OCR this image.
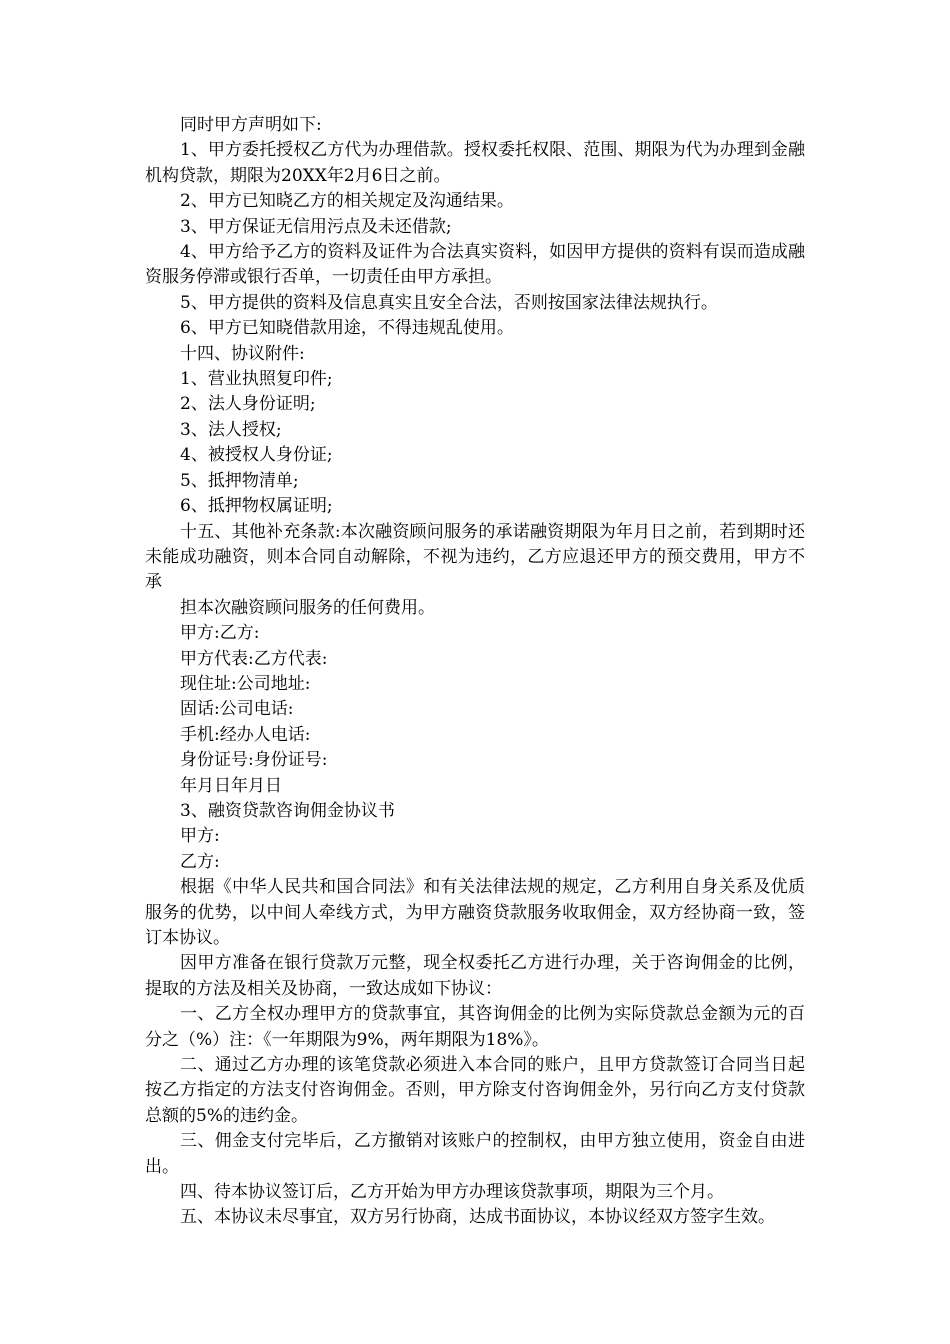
同时甲方声明如下:

1、甲方委托授权乙方代为办理借款。授权委托权限、范围、期限为代为办理到金融机构贷款，期限为20XX年2月6日之前。

2、甲方已知晓乙方的相关规定及沟通结果。

3、甲方保证无信用污点及未还借款;

4、甲方给予乙方的资料及证件为合法真实资料，如因甲方提供的资料有误而造成融资服务停滞或银行否单，一切责任由甲方承担。

5、甲方提供的资料及信息真实且安全合法，否则按国家法律法规执行。

6、甲方已知晓借款用途，不得违规乱使用。

十四、协议附件:

1、营业执照复印件;

2、法人身份证明;

3、法人授权;

4、被授权人身份证;

5、抵押物清单;

6、抵押物权属证明;

十五、其他补充条款:本次融资顾问服务的承诺融资期限为年月日之前，若到期时还未能成功融资，则本合同自动解除，不视为违约，乙方应退还甲方的预交费用，甲方不承

担本次融资顾问服务的任何费用。

甲方:乙方:

甲方代表:乙方代表:

现住址:公司地址:

固话:公司电话:

手机:经办人电话:

身份证号:身份证号:

年月日年月日

3、融资贷款咨询佣金协议书

甲方:

乙方:

根据《中华人民共和国合同法》和有关法律法规的规定，乙方利用自身关系及优质服务的优势，以中间人牵线方式，为甲方融资贷款服务收取佣金，双方经协商一致，签订本协议。

因甲方准备在银行贷款万元整，现全权委托乙方进行办理，关于咨询佣金的比例，提取的方法及相关及协商，一致达成如下协议：

一、乙方全权办理甲方的贷款事宜，其咨询佣金的比例为实际贷款总金额为元的百分之（%）注：《一年期限为9%，两年期限为18%》。

二、通过乙方办理的该笔贷款必须进入本合同的账户，且甲方贷款签订合同当日起按乙方指定的方法支付咨询佣金。否则，甲方除支付咨询佣金外，另行向乙方支付贷款总额的5%的违约金。

三、佣金支付完毕后，乙方撤销对该账户的控制权，由甲方独立使用，资金自由进出。

四、待本协议签订后，乙方开始为甲方办理该贷款事项，期限为三个月。

五、本协议未尽事宜，双方另行协商，达成书面协议，本协议经双方签字生效。
